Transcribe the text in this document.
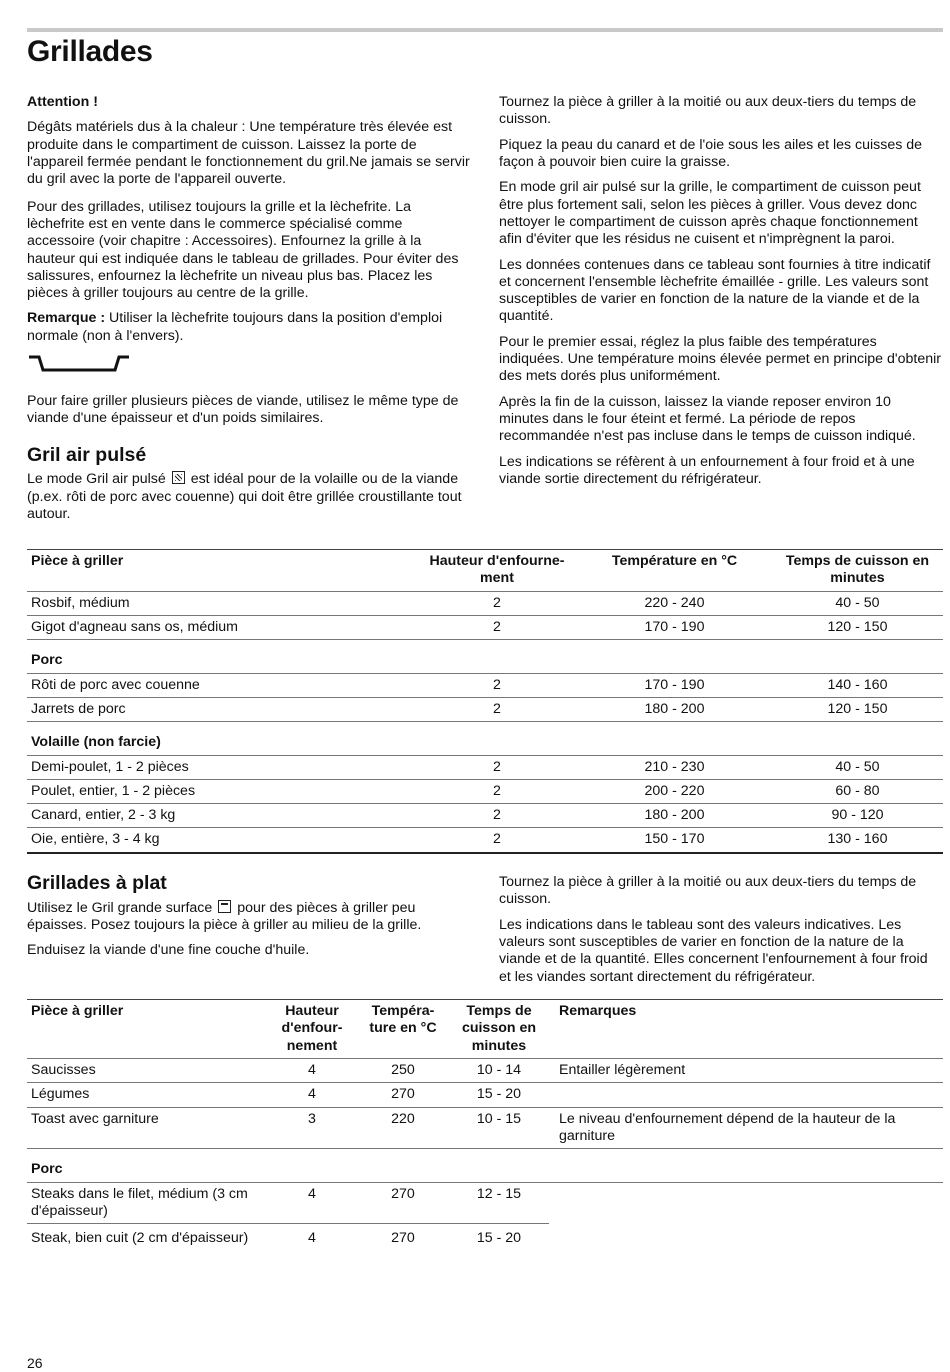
Grillades

Attention !

Dégâts matériels dus à la chaleur : Une température très élevée est produite dans le compartiment de cuisson. Laissez la porte de l'appareil fermée pendant le fonctionnement du gril.Ne jamais se servir du gril avec la porte de l'appareil ouverte.

Pour des grillades, utilisez toujours la grille et la lèchefrite. La lèchefrite est en vente dans le commerce spécialisé comme accessoire (voir chapitre : Accessoires). Enfournez la grille à la hauteur qui est indiquée dans le tableau de grillades. Pour éviter des salissures, enfournez la lèchefrite un niveau plus bas. Placez les pièces à griller toujours au centre de la grille.

Remarque : Utiliser la lèchefrite toujours dans la position d'emploi normale (non à l'envers).

Pour faire griller plusieurs pièces de viande, utilisez le même type de viande d'une épaisseur et d'un poids similaires.

Gril air pulsé

Le mode Gril air pulsé est idéal pour de la volaille ou de la viande (p.ex. rôti de porc avec couenne) qui doit être grillée croustillante tout autour.

Tournez la pièce à griller à la moitié ou aux deux-tiers du temps de cuisson.

Piquez la peau du canard et de l'oie sous les ailes et les cuisses de façon à pouvoir bien cuire la graisse.

En mode gril air pulsé sur la grille, le compartiment de cuisson peut être plus fortement sali, selon les pièces à griller. Vous devez donc nettoyer le compartiment de cuisson après chaque fonctionnement afin d'éviter que les résidus ne cuisent et n'imprègnent la paroi.

Les données contenues dans ce tableau sont fournies à titre indicatif et concernent l'ensemble lèchefrite émaillée - grille. Les valeurs sont susceptibles de varier en fonction de la nature de la viande et de la quantité.

Pour le premier essai, réglez la plus faible des températures indiquées. Une température moins élevée permet en principe d'obtenir des mets dorés plus uniformément.

Après la fin de la cuisson, laissez la viande reposer environ 10 minutes dans le four éteint et fermé. La période de repos recommandée n'est pas incluse dans le temps de cuisson indiqué.

Les indications se réfèrent à un enfournement à four froid et à une viande sortie directement du réfrigérateur.

Pièce à griller	Hauteur d'enfourne-ment	Température en °C	Temps de cuisson en minutes
Rosbif, médium	2	220 - 240	40 - 50
Gigot d'agneau sans os, médium	2	170 - 190	120 - 150
Porc			
Rôti de porc avec couenne	2	170 - 190	140 - 160
Jarrets de porc	2	180 - 200	120 - 150
Volaille (non farcie)			
Demi-poulet, 1 - 2 pièces	2	210 - 230	40 - 50
Poulet, entier, 1 - 2 pièces	2	200 - 220	60 - 80
Canard, entier, 2 - 3 kg	2	180 - 200	90 - 120
Oie, entière, 3 - 4 kg	2	150 - 170	130 - 160
Grillades à plat

Utilisez le Gril grande surface pour des pièces à griller peu épaisses. Posez toujours la pièce à griller au milieu de la grille.

Enduisez la viande d'une fine couche d'huile.

Tournez la pièce à griller à la moitié ou aux deux-tiers du temps de cuisson.

Les indications dans le tableau sont des valeurs indicatives. Les valeurs sont susceptibles de varier en fonction de la nature de la viande et de la quantité. Elles concernent l'enfournement à four froid et les viandes sortant directement du réfrigérateur.

Pièce à griller	Hauteur d'enfour-nement	Tempéra-ture en °C	Temps de cuisson en minutes	Remarques
Saucisses	4	250	10 - 14	Entailler légèrement
Légumes	4	270	15 - 20	
Toast avec garniture	3	220	10 - 15	Le niveau d'enfournement dépend de la hauteur de la garniture
Porc				
Steaks dans le filet, médium (3 cm d'épaisseur)	4	270	12 - 15	
Steak, bien cuit (2 cm d'épaisseur)	4	270	15 - 20	
26
